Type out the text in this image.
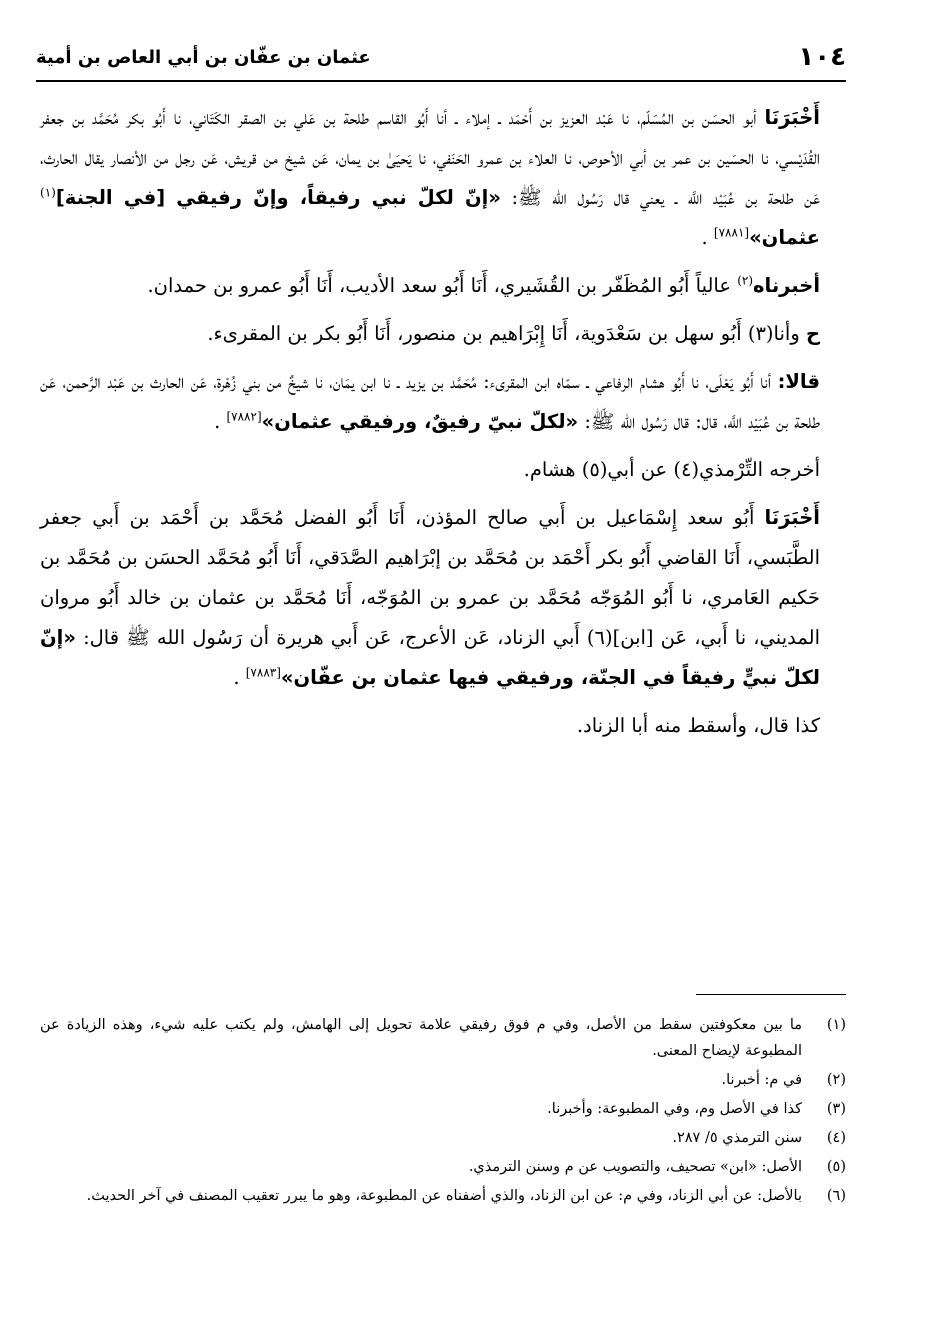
١٠٤
عثمان بن عفّان بن أبي العاص بن أمية

أَخْبَرَنَا أبو الحسَن بن المُسَلّم، نا عَبْد العزيز بن أَحْمَد ـ إملاء ـ أنا أَبُو القاسم طلحة بن عَلي بن الصقر الكَتَاني، نا أَبُو بكر مُحَمَّد بن جعفر القُدَيْسي، نا الحسَين بن عمر بن أبي الأحوص، نا العلاء بن عمرو الحَنَفي، نا يَحيَىٰ بن يمان، عَن شيخ من قريش، عَن رجل من الأنصار يقال الحارث، عَن طلحة بن عُبَيْد اللَّه ـ يعني قال رَسُول الله ﷺ: «إنّ لكلّ نبي رفيقاً، وإنّ رفيقي [في الجنة]$^{(١)}$ عثمان»[٧٨٨١] .

أخبرناه$^{(٢)}$ عالياً أَبُو المُظَفّر بن القُشَيري، أَنَا أَبُو سعد الأديب، أَنَا أَبُو عمرو بن حمدان.

ح وأنا(٣) أَبُو سهل بن سَعْدَوية، أَنَا إِبْرَاهيم بن منصور، أَنَا أَبُو بكر بن المقرىء.

قالا: أنا أَبُو يَعْلَى، نا أَبُو هشام الرفاعي ـ سمّاه ابن المقرىء: مُحَمَّد بن يزيد ـ نا ابن يمَان، نا شيخٌ من بني زُهْرة، عَن الحارث بن عَبْد الرَّحمن، عَن طلحة بن عُبَيْد اللَّه، قال: قال رَسُول الله ﷺ: «لكلّ نبيّ رفيقٌ، ورفيقي عثمان»[٧٨٨٢] .

أخرجه التِّرْمذي(٤) عن أبي(٥) هشام.

أَخْبَرَنَا أَبُو سعد إِسْمَاعيل بن أَبي صالح المؤذن، أَنَا أَبُو الفضل مُحَمَّد بن أَحْمَد بن أَبي جعفر الطَّبَسي، أَنَا القاضي أَبُو بكر أَحْمَد بن مُحَمَّد بن إبْرَاهيم الصَّدَقي، أَنَا أَبُو مُحَمَّد الحسَن بن مُحَمَّد بن حَكيم العَامري، نا أَبُو المُوَجّه مُحَمَّد بن عمرو بن المُوَجّه، أَنَا مُحَمَّد بن عثمان بن خالد أَبُو مروان المديني، نا أَبي، عَن [ابن](٦) أَبي الزناد، عَن الأعرج، عَن أَبي هريرة أن رَسُول الله ﷺ قال: «إنّ لكلّ نبيٍّ رفيقاً في الجنّة، ورفيقي فيها عثمان بن عفّان»[٧٨٨٣] .

كذا قال، وأسقط منه أبا الزناد.

(١)
ما بين معكوفتين سقط من الأصل، وفي م فوق رفيقي علامة تحويل إلى الهامش، ولم يكتب عليه شيء، وهذه الزيادة عن المطبوعة لإيضاح المعنى.
(٢)
في م: أخبرنا.
(٣)
كذا في الأصل وم، وفي المطبوعة: وأخبرنا.
(٤)
سنن الترمذي ٥/ ٢٨٧.
(٥)
الأصل: «ابن» تصحيف، والتصويب عن م وسنن الترمذي.
(٦)
بالأصل: عن أبي الزناد، وفي م: عن ابن الزناد، والذي أضفناه عن المطبوعة، وهو ما يبرر تعقيب المصنف في آخر الحديث.
